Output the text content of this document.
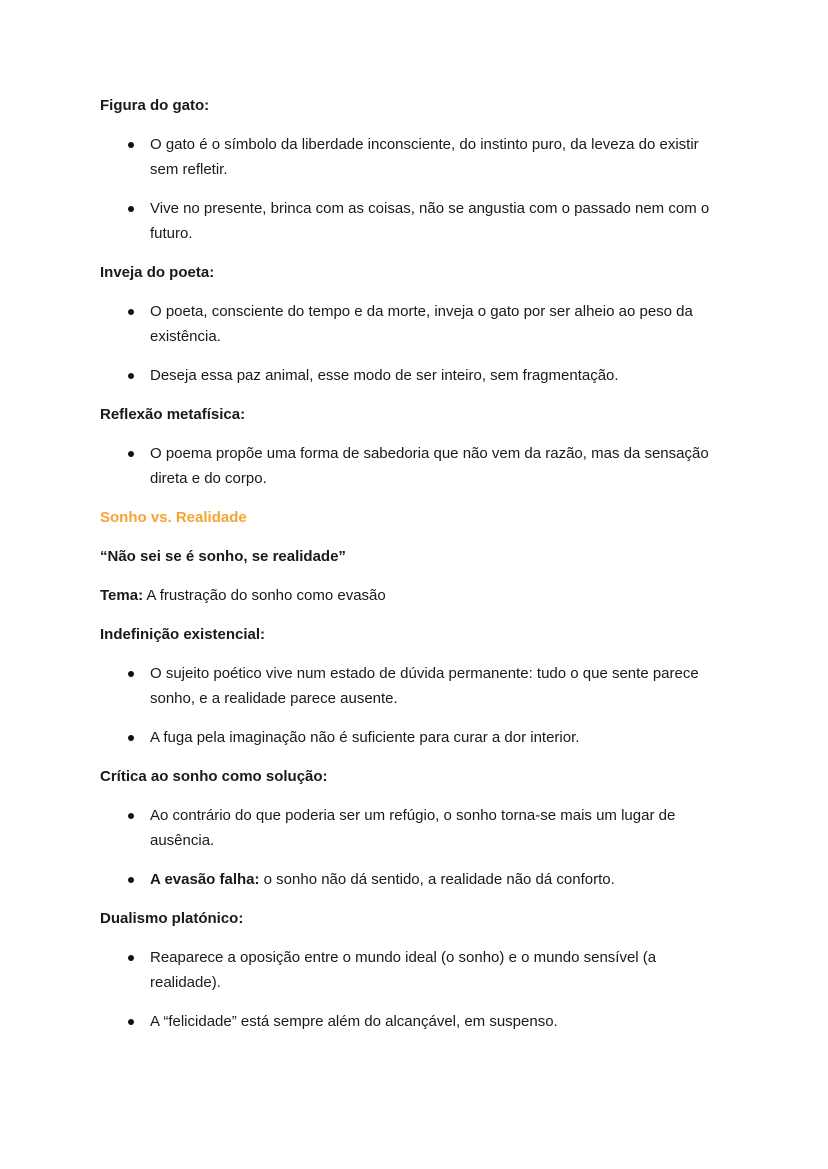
Figura do gato:

O gato é o símbolo da liberdade inconsciente, do instinto puro, da leveza do existir sem refletir.
Vive no presente, brinca com as coisas, não se angustia com o passado nem com o futuro.

Inveja do poeta:

O poeta, consciente do tempo e da morte, inveja o gato por ser alheio ao peso da existência.
Deseja essa paz animal, esse modo de ser inteiro, sem fragmentação.

Reflexão metafísica:

O poema propõe uma forma de sabedoria que não vem da razão, mas da sensação direta e do corpo.

Sonho vs. Realidade

“Não sei se é sonho, se realidade”

Tema: A frustração do sonho como evasão

Indefinição existencial:

O sujeito poético vive num estado de dúvida permanente: tudo o que sente parece sonho, e a realidade parece ausente.
A fuga pela imaginação não é suficiente para curar a dor interior.

Crítica ao sonho como solução:

Ao contrário do que poderia ser um refúgio, o sonho torna-se mais um lugar de ausência.
A evasão falha: o sonho não dá sentido, a realidade não dá conforto.

Dualismo platónico:

Reaparece a oposição entre o mundo ideal (o sonho) e o mundo sensível (a realidade).
A “felicidade” está sempre além do alcançável, em suspenso.
